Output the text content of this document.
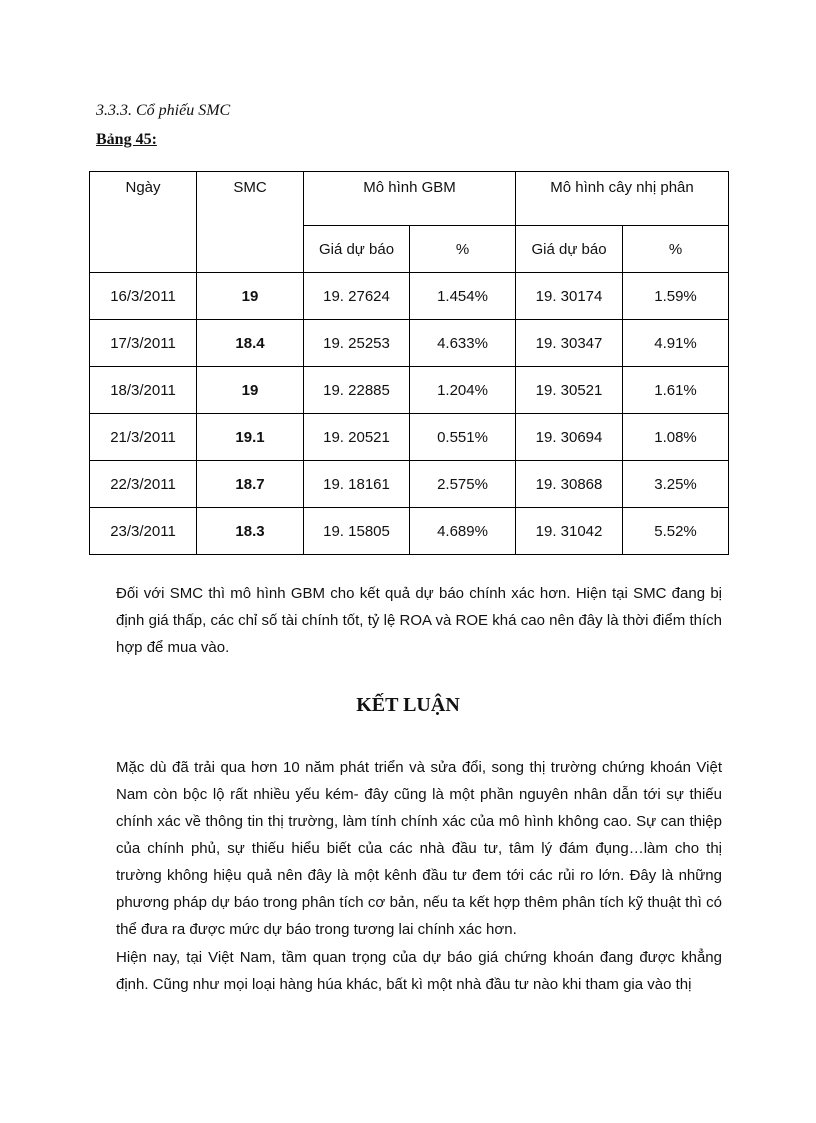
3.3.3. Cổ phiếu SMC
Bảng 45:
Ngày	SMC	Mô hình GBM		Mô hình cây nhị phân	
		Giá dự báo	%	Giá dự báo	%
16/3/2011	19	19. 27624	1.454%	19. 30174	1.59%
17/3/2011	18.4	19. 25253	4.633%	19. 30347	4.91%
18/3/2011	19	19. 22885	1.204%	19. 30521	1.61%
21/3/2011	19.1	19. 20521	0.551%	19. 30694	1.08%
22/3/2011	18.7	19. 18161	2.575%	19. 30868	3.25%
23/3/2011	18.3	19. 15805	4.689%	19. 31042	5.52%

Đối với SMC thì mô hình GBM cho kết quả dự báo chính xác hơn. Hiện tại SMC đang bị định giá thấp, các chỉ số tài chính tốt, tỷ lệ ROA và ROE khá cao nên đây là thời điểm thích hợp để mua vào.

KẾT LUẬN

Mặc dù đã trải qua hơn 10 năm phát triển và sửa đổi, song thị trường chứng khoán Việt Nam còn bộc lộ rất nhiều yếu kém- đây cũng là một phần nguyên nhân dẫn tới sự thiếu chính xác về thông tin thị trường, làm tính chính xác của mô hình không cao. Sự can thiệp của chính phủ, sự thiếu hiểu biết của các nhà đầu tư, tâm lý đám đụng…làm cho thị trường không hiệu quả nên đây là một kênh đầu tư đem tới các rủi ro lớn. Đây là những phương pháp dự báo trong phân tích cơ bản, nếu ta kết hợp thêm phân tích kỹ thuật thì có thể đưa ra được mức dự báo trong tương lai chính xác hơn.

Hiện nay, tại Việt Nam, tầm quan trọng của dự báo giá chứng khoán đang được khẳng định. Cũng như mọi loại hàng húa khác, bất kì một nhà đầu tư nào khi tham gia vào thị
